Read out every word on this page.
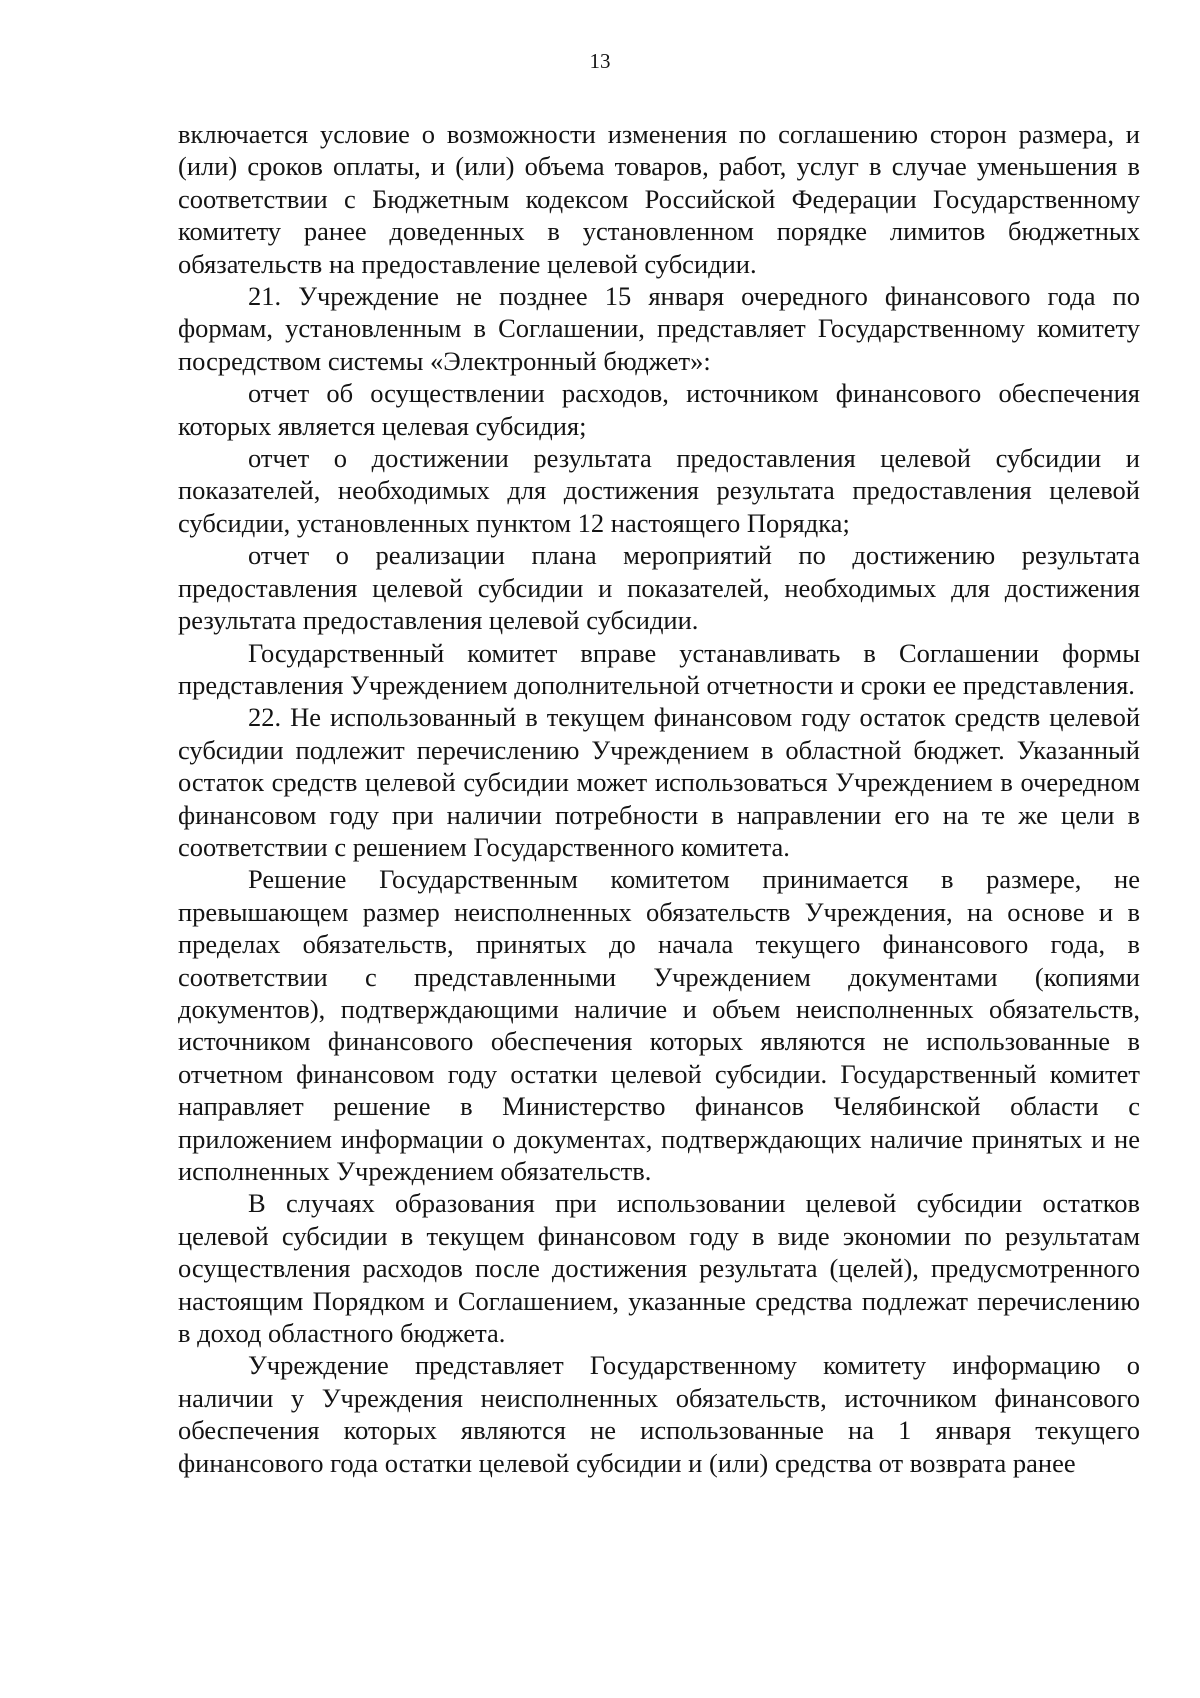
13

включается условие о возможности изменения по соглашению сторон размера, и (или) сроков оплаты, и (или) объема товаров, работ, услуг в случае уменьшения в соответствии с Бюджетным кодексом Российской Федерации Государственному комитету ранее доведенных в установленном порядке лимитов бюджетных обязательств на предоставление целевой субсидии.

21. Учреждение не позднее 15 января очередного финансового года по формам, установленным в Соглашении, представляет Государственному комитету посредством системы «Электронный бюджет»:

отчет об осуществлении расходов, источником финансового обеспечения которых является целевая субсидия;

отчет о достижении результата предоставления целевой субсидии и показателей, необходимых для достижения результата предоставления целевой субсидии, установленных пунктом 12 настоящего Порядка;

отчет о реализации плана мероприятий по достижению результата предоставления целевой субсидии и показателей, необходимых для достижения результата предоставления целевой субсидии.

Государственный комитет вправе устанавливать в Соглашении формы представления Учреждением дополнительной отчетности и сроки ее представления.

22. Не использованный в текущем финансовом году остаток средств целевой субсидии подлежит перечислению Учреждением в областной бюджет. Указанный остаток средств целевой субсидии может использоваться Учреждением в очередном финансовом году при наличии потребности в направлении его на те же цели в соответствии с решением Государственного комитета.

Решение Государственным комитетом принимается в размере, не превышающем размер неисполненных обязательств Учреждения, на основе и в пределах обязательств, принятых до начала текущего финансового года, в соответствии с представленными Учреждением документами (копиями документов), подтверждающими наличие и объем неисполненных обязательств, источником финансового обеспечения которых являются не использованные в отчетном финансовом году остатки целевой субсидии. Государственный комитет направляет решение в Министерство финансов Челябинской области с приложением информации о документах, подтверждающих наличие принятых и не исполненных Учреждением обязательств.

В случаях образования при использовании целевой субсидии остатков целевой субсидии в текущем финансовом году в виде экономии по результатам осуществления расходов после достижения результата (целей), предусмотренного настоящим Порядком и Соглашением, указанные средства подлежат перечислению в доход областного бюджета.

Учреждение представляет Государственному комитету информацию о наличии у Учреждения неисполненных обязательств, источником финансового обеспечения которых являются не использованные на 1 января текущего финансового года остатки целевой субсидии и (или) средства от возврата ранее
